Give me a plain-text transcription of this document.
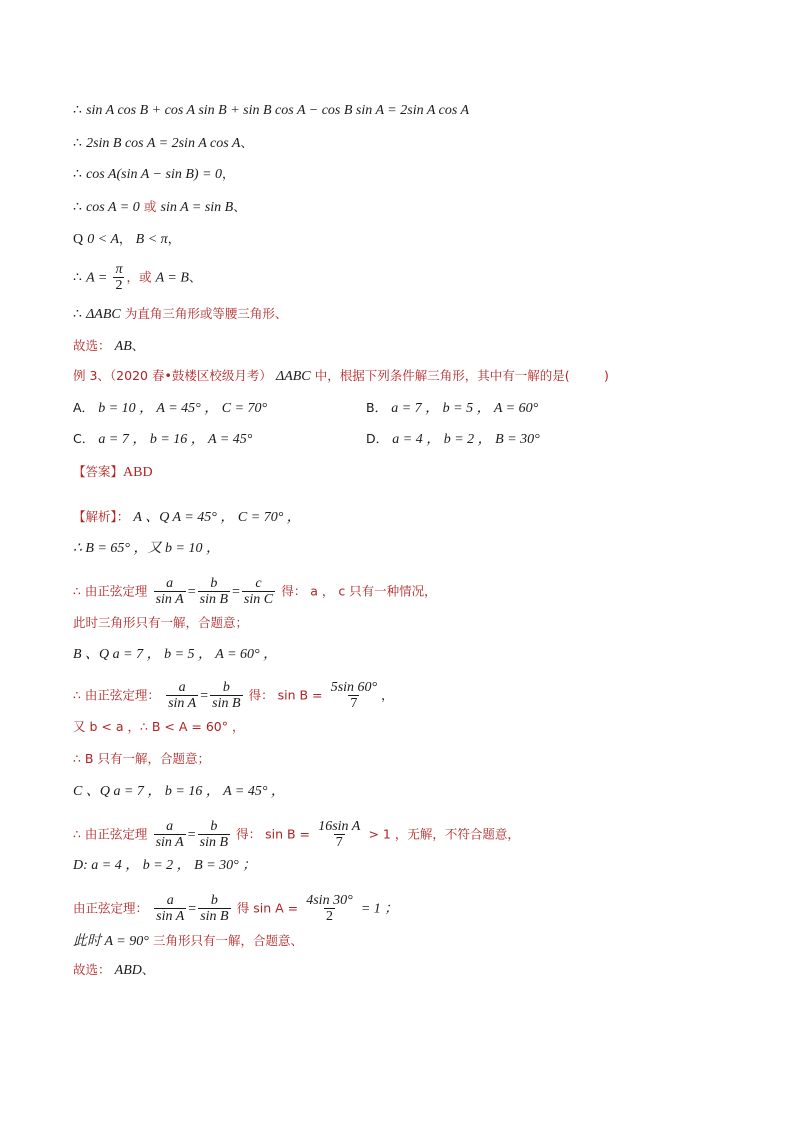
∴ sin A cos B + cos A sin B + sin B cos A − cos B sin A = 2sin A cos A
∴ 2sin B cos A = 2sin A cos A、
∴ cos A(sin A − sin B) = 0，
∴ cos A = 0 或 sin A = sin B、
Q 0 < A， B < π，
∴ $A = \frac{\pi}{2}$ ，或 A = B、
∴ ΔABC 为直角三角形或等腰三角形、
故选： AB、
例 3、（2020 春•鼓楼区校级月考） ΔABC 中，根据下列条件解三角形，其中有一解的是(	)
A． b = 10 ， A = 45° ， C = 70°	B． a = 7 ， b = 5 ， A = 60°
C． a = 7 ， b = 16 ， A = 45°	D． a = 4 ， b = 2 ， B = 30°
【答案】ABD
【解析】： A 、Q A = 45° ， C = 70° ，
∴ B = 65° ，又 b = 10 ，
∴ 由正弦定理 $\frac{a}{\text{sin A}} = \frac{b}{\text{sin B}} = \frac{c}{\text{sin C}}$ 得： a ， c 只有一种情况，
此时三角形只有一解，合题意；
B 、Q a = 7 ， b = 5 ， A = 60° ，
∴ 由正弦定理： $\frac{a}{\text{sin A}} = \frac{b}{\text{sin B}}$ 得： $\sin B = \frac{5\sin 60^\circ}{7}$ ，
又 b < a ，∴ B < A = 60° ，
∴ B 只有一解，合题意；
C 、Q a = 7 ， b = 16 ， A = 45° ，
∴ 由正弦定理 $\frac{a}{\text{sin A}} = \frac{b}{\text{sin B}}$ 得： $\sin B = \frac{\text{16sin A}}{7} > 1$ ，无解，不符合题意，
D: a = 4 ， b = 2 ， B = 30° ；
由正弦定理： $\frac{a}{\text{sin A}} = \frac{b}{\text{sin B}}$ 得 $\sin A = \frac{4\sin 30^\circ}{2} = 1$ ；
此时 A = 90° 三角形只有一解，合题意、
故选： ABD、
